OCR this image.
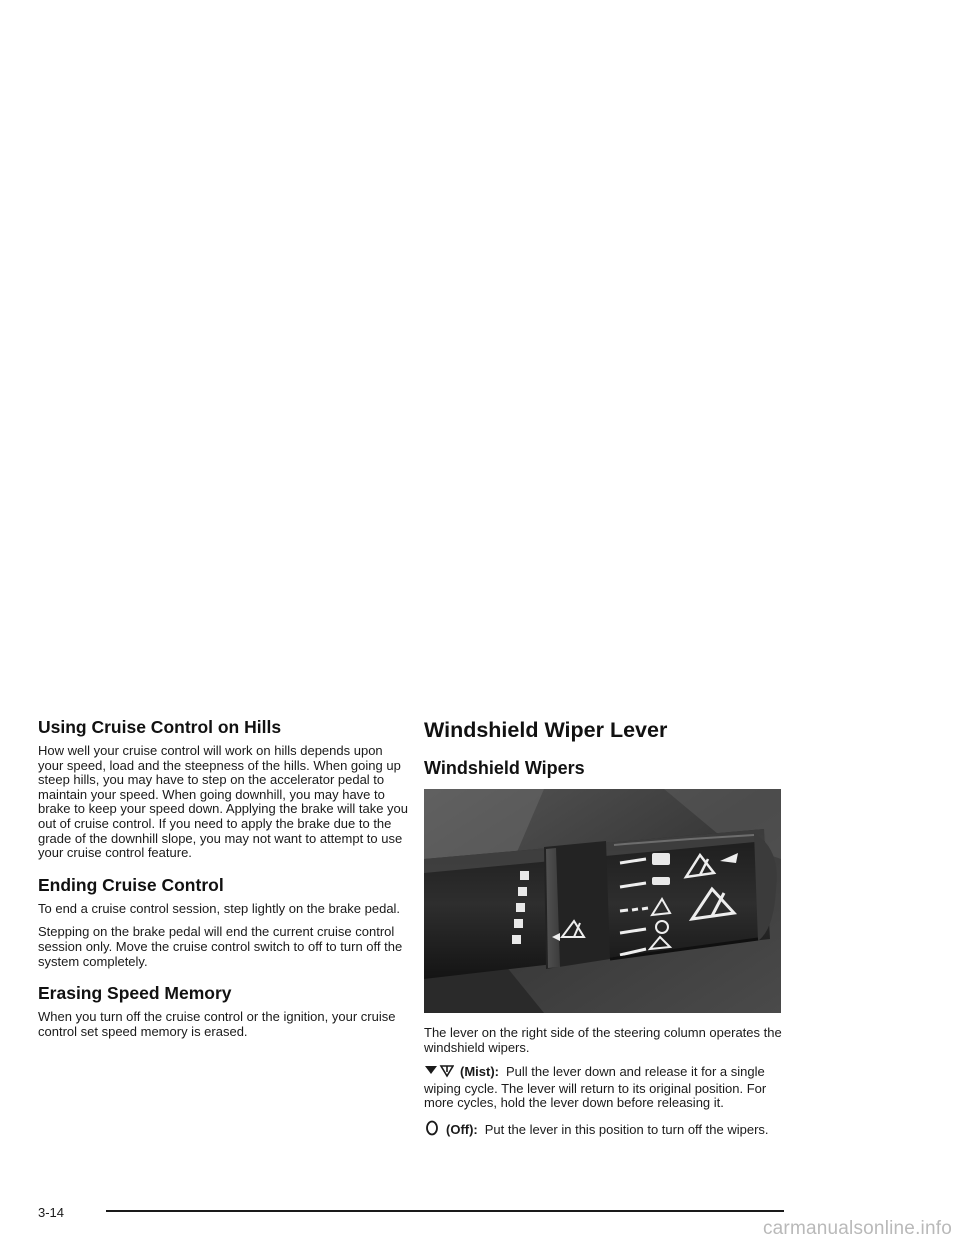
Using Cruise Control on Hills

How well your cruise control will work on hills depends upon your speed, load and the steepness of the hills. When going up steep hills, you may have to step on the accelerator pedal to maintain your speed. When going downhill, you may have to brake to keep your speed down. Applying the brake will take you out of cruise control. If you need to apply the brake due to the grade of the downhill slope, you may not want to attempt to use your cruise control feature.

Ending Cruise Control

To end a cruise control session, step lightly on the brake pedal.

Stepping on the brake pedal will end the current cruise control session only. Move the cruise control switch to off to turn off the system completely.

Erasing Speed Memory

When you turn off the cruise control or the ignition, your cruise control set speed memory is erased.

Windshield Wiper Lever
Windshield Wipers

The lever on the right side of the steering column operates the windshield wipers.

(Mist): Pull the lever down and release it for a single wiping cycle. The lever will return to its original position. For more cycles, hold the lever down before releasing it.
(Off): Put the lever in this position to turn off the wipers.
3-14
carmanualsonline.info
